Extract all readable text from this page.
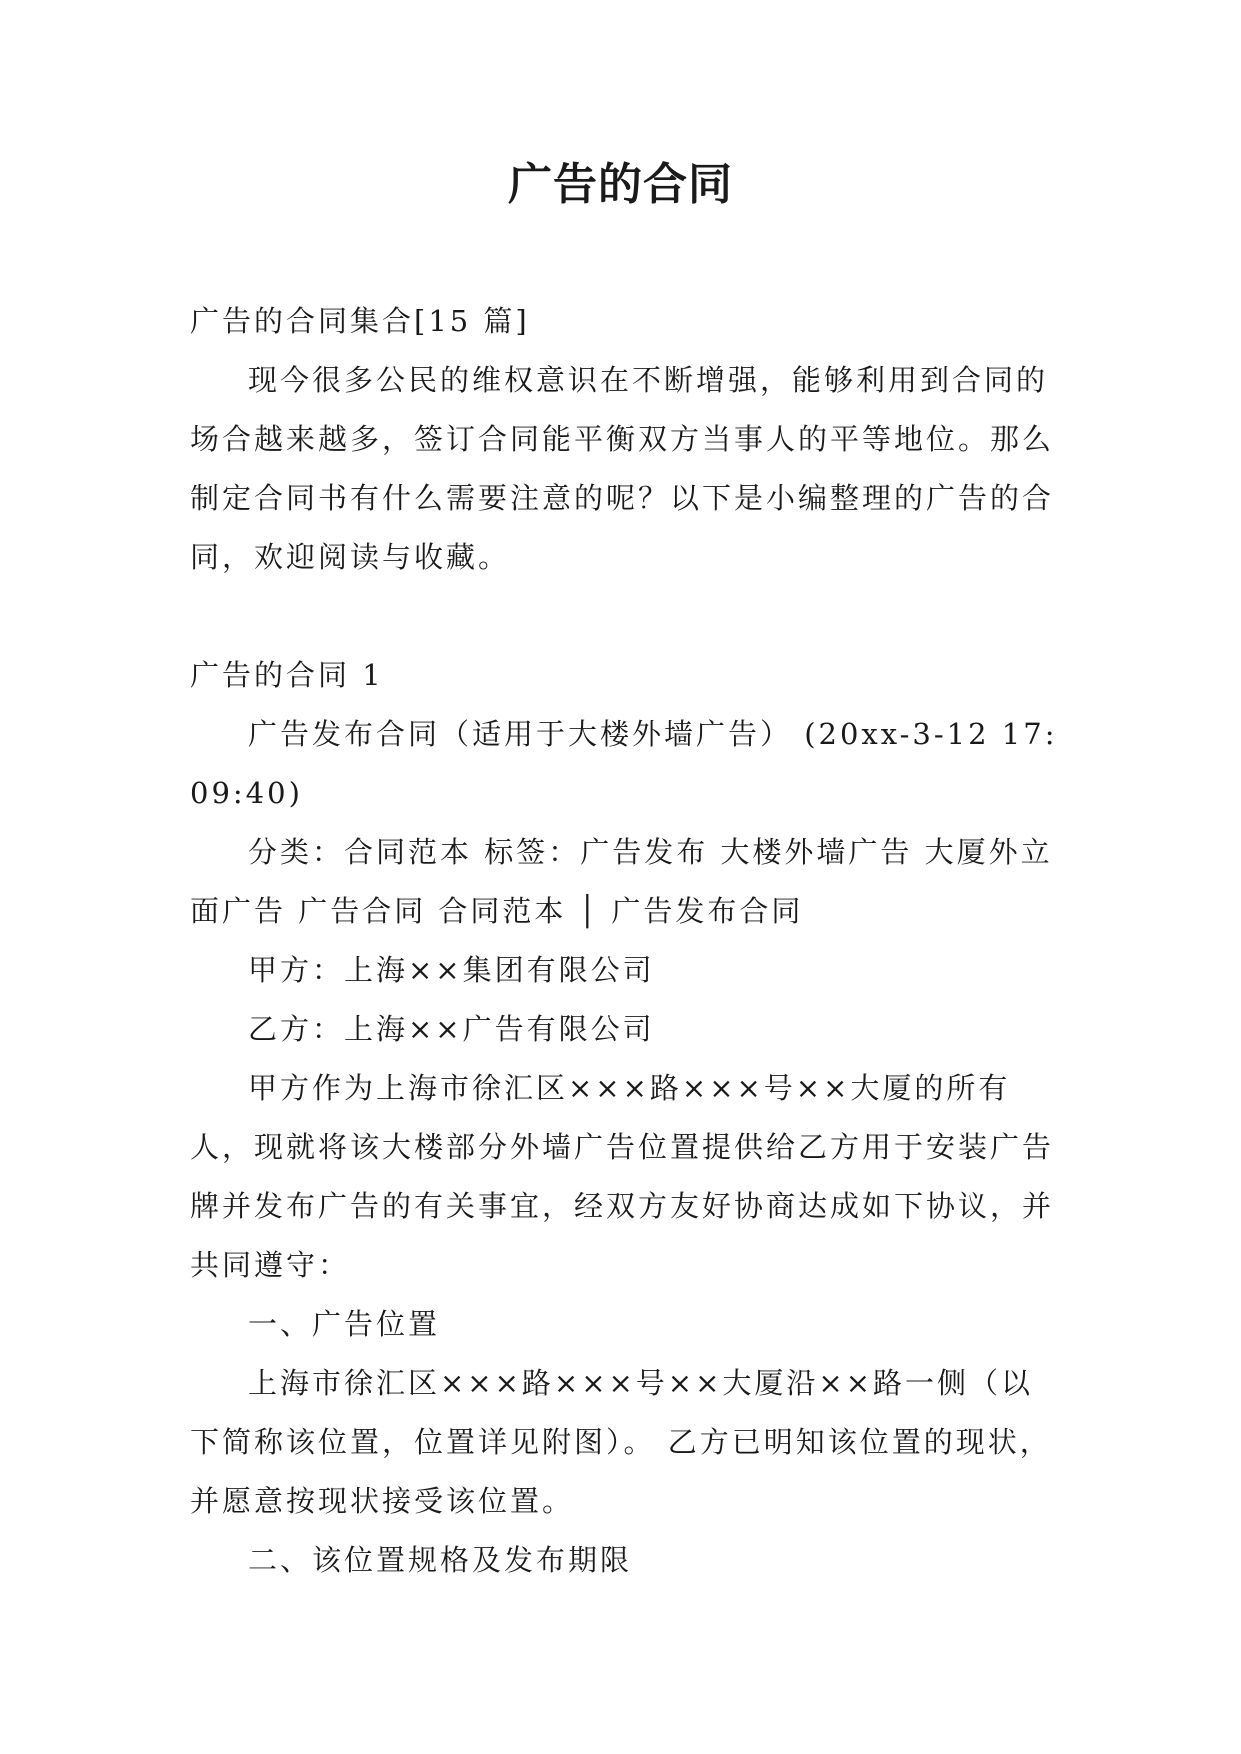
广告的合同

广告的合同集合[15 篇]

现今很多公民的维权意识在不断增强，能够利用到合同的场合越来越多，签订合同能平衡双方当事人的平等地位。那么制定合同书有什么需要注意的呢？以下是小编整理的广告的合同，欢迎阅读与收藏。

广告的合同 1

广告发布合同（适用于大楼外墙广告） (20xx-3-12 17:09:40)

分类：合同范本 标签：广告发布 大楼外墙广告 大厦外立面广告 广告合同 合同范本 │ 广告发布合同

甲方：上海××集团有限公司

乙方：上海××广告有限公司

甲方作为上海市徐汇区×××路×××号××大厦的所有人，现就将该大楼部分外墙广告位置提供给乙方用于安装广告牌并发布广告的有关事宜，经双方友好协商达成如下协议，并共同遵守：

一、广告位置

上海市徐汇区×××路×××号××大厦沿××路一侧（以下简称该位置，位置详见附图）。 乙方已明知该位置的现状，并愿意按现状接受该位置。

二、该位置规格及发布期限
